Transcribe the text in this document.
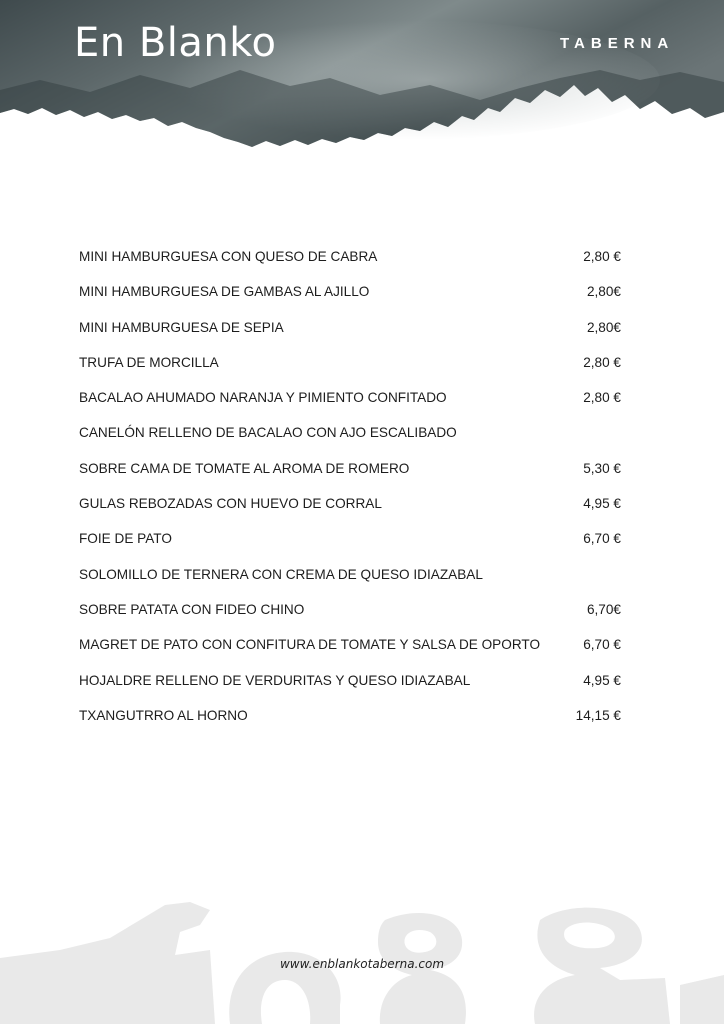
En Blanko	TABERNA
MINI HAMBURGUESA CON QUESO DE CABRA	2,80 €
MINI HAMBURGUESA DE GAMBAS AL AJILLO	2,80€
MINI HAMBURGUESA DE SEPIA	2,80€
TRUFA DE MORCILLA	2,80 €
BACALAO AHUMADO NARANJA Y PIMIENTO CONFITADO	2,80 €
CANELÓN RELLENO DE BACALAO CON AJO ESCALIBADO
SOBRE CAMA DE TOMATE AL AROMA DE ROMERO	5,30 €
GULAS REBOZADAS CON HUEVO DE CORRAL	4,95 €
FOIE DE PATO	6,70 €
SOLOMILLO DE TERNERA CON CREMA DE QUESO IDIAZABAL
SOBRE PATATA CON FIDEO CHINO	6,70€
MAGRET DE PATO CON CONFITURA DE TOMATE Y SALSA DE OPORTO	6,70 €
HOJALDRE RELLENO DE VERDURITAS Y QUESO IDIAZABAL	4,95 €
TXANGUTRRO AL HORNO	14,15 €
www.enblankotaberna.com
